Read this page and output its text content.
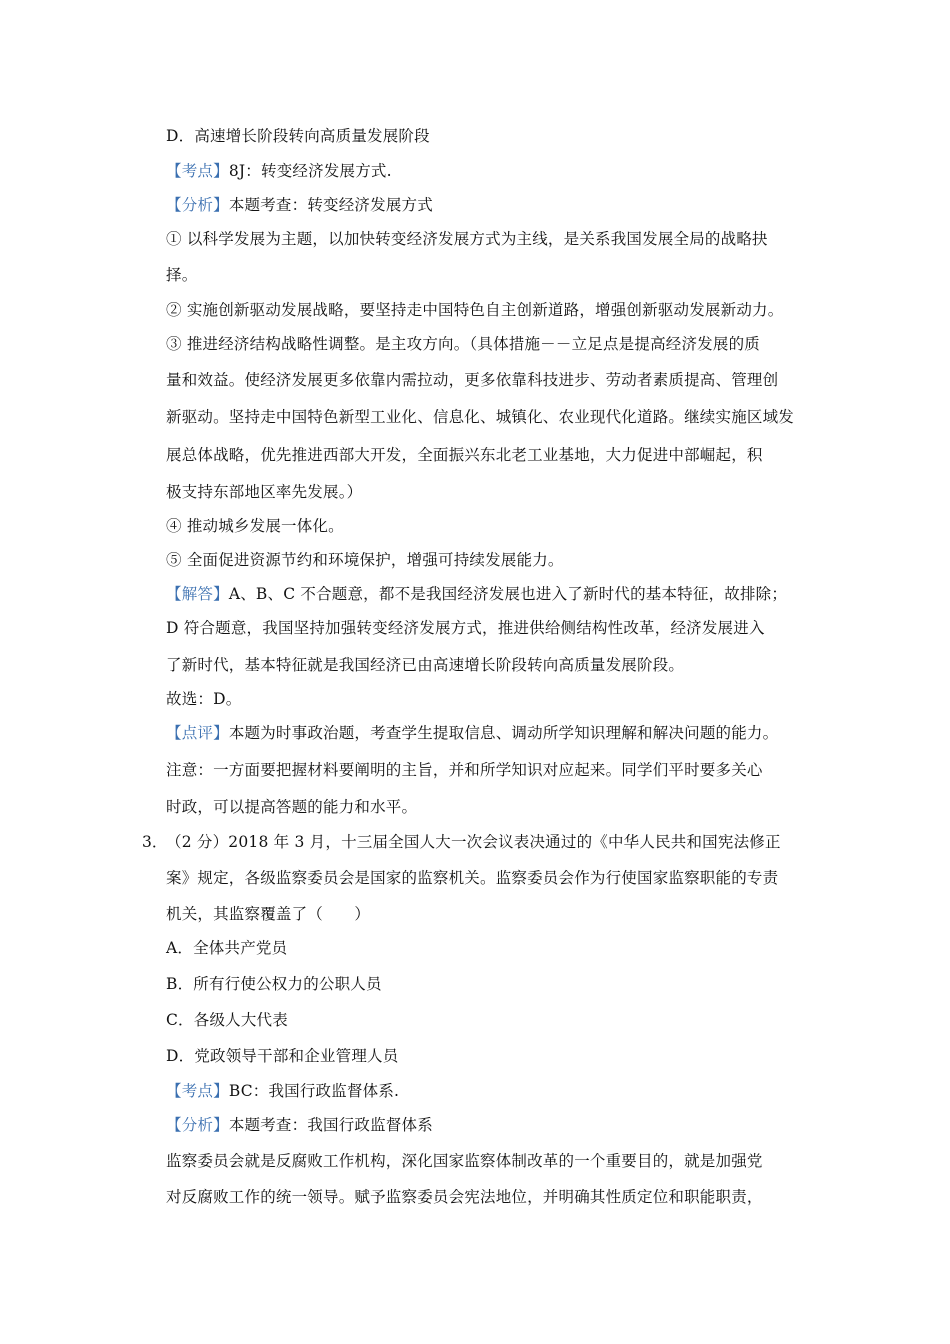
D．高速增长阶段转向高质量发展阶段
【考点】8J：转变经济发展方式.
【分析】本题考查：转变经济发展方式
① 以科学发展为主题，以加快转变经济发展方式为主线，是关系我国发展全局的战略抉
择。
② 实施创新驱动发展战略，要坚持走中国特色自主创新道路，增强创新驱动发展新动力。
③ 推进经济结构战略性调整。是主攻方向。（具体措施－－立足点是提高经济发展的质
量和效益。使经济发展更多依靠内需拉动，更多依靠科技进步、劳动者素质提高、管理创
新驱动。坚持走中国特色新型工业化、信息化、城镇化、农业现代化道路。继续实施区域发
展总体战略，优先推进西部大开发，全面振兴东北老工业基地，大力促进中部崛起，积
极支持东部地区率先发展。）
④ 推动城乡发展一体化。
⑤ 全面促进资源节约和环境保护，增强可持续发展能力。
【解答】A、B、C 不合题意，都不是我国经济发展也进入了新时代的基本特征，故排除；
D 符合题意，我国坚持加强转变经济发展方式，推进供给侧结构性改革，经济发展进入
了新时代，基本特征就是我国经济已由高速增长阶段转向高质量发展阶段。
故选：D。
【点评】本题为时事政治题，考查学生提取信息、调动所学知识理解和解决问题的能力。
注意：一方面要把握材料要阐明的主旨，并和所学知识对应起来。同学们平时要多关心
时政，可以提高答题的能力和水平。
3．
（2 分）2018 年 3 月，十三届全国人大一次会议表决通过的《中华人民共和国宪法修正
案》规定，各级监察委员会是国家的监察机关。监察委员会作为行使国家监察职能的专责
机关，其监察覆盖了（　　）
A．全体共产党员
B．所有行使公权力的公职人员
C．各级人大代表
D．党政领导干部和企业管理人员
【考点】BC：我国行政监督体系.
【分析】本题考查：我国行政监督体系
监察委员会就是反腐败工作机构，深化国家监察体制改革的一个重要目的，就是加强党
对反腐败工作的统一领导。赋予监察委员会宪法地位，并明确其性质定位和职能职责，
